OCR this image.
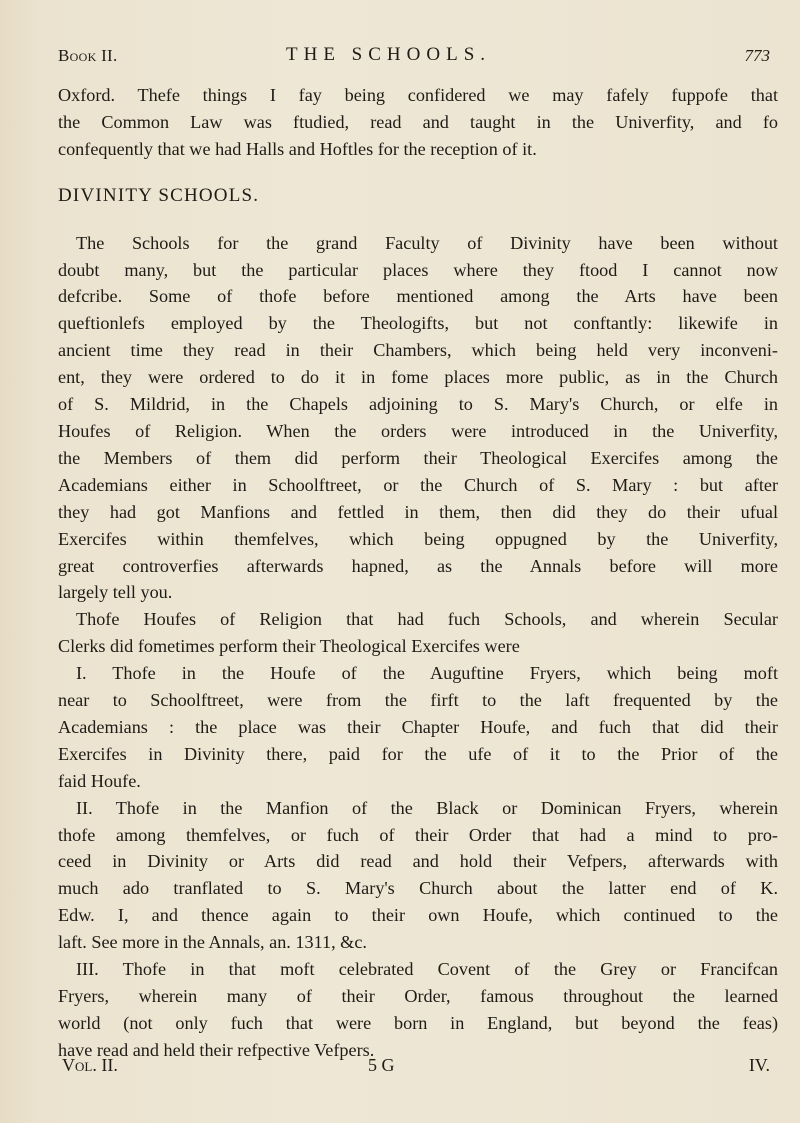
Book II.	THE SCHOOLS.	773

Oxford. Thefe things I fay being confidered we may fafely fuppofe that
the Common Law was ftudied, read and taught in the Univerfity, and fo
confequently that we had Halls and Hoftles for the reception of it.

DIVINITY SCHOOLS.

The Schools for the grand Faculty of Divinity have been without
doubt many, but the particular places where they ftood I cannot now
defcribe. Some of thofe before mentioned among the Arts have been
queftionlefs employed by the Theologifts, but not conftantly: likewife in
ancient time they read in their Chambers, which being held very inconveni-
ent, they were ordered to do it in fome places more public, as in the Church
of S. Mildrid, in the Chapels adjoining to S. Mary's Church, or elfe in
Houfes of Religion. When the orders were introduced in the Univerfity,
the Members of them did perform their Theological Exercifes among the
Academians either in Schoolftreet, or the Church of S. Mary : but after
they had got Manfions and fettled in them, then did they do their ufual
Exercifes within themfelves, which being oppugned by the Univerfity,
great controverfies afterwards hapned, as the Annals before will more
largely tell you.

Thofe Houfes of Religion that had fuch Schools, and wherein Secular
Clerks did fometimes perform their Theological Exercifes were

I. Thofe in the Houfe of the Auguftine Fryers, which being moft
near to Schoolftreet, were from the firft to the laft frequented by the
Academians : the place was their Chapter Houfe, and fuch that did their
Exercifes in Divinity there, paid for the ufe of it to the Prior of the
faid Houfe.

II. Thofe in the Manfion of the Black or Dominican Fryers, wherein
thofe among themfelves, or fuch of their Order that had a mind to pro-
ceed in Divinity or Arts did read and hold their Vefpers, afterwards with
much ado tranflated to S. Mary's Church about the latter end of K.
Edw. I, and thence again to their own Houfe, which continued to the
laft. See more in the Annals, an. 1311, &c.

III. Thofe in that moft celebrated Covent of the Grey or Francifcan
Fryers, wherein many of their Order, famous throughout the learned
world (not only fuch that were born in England, but beyond the feas)
have read and held their refpective Vefpers.

Vol. II.	5 G	IV.
